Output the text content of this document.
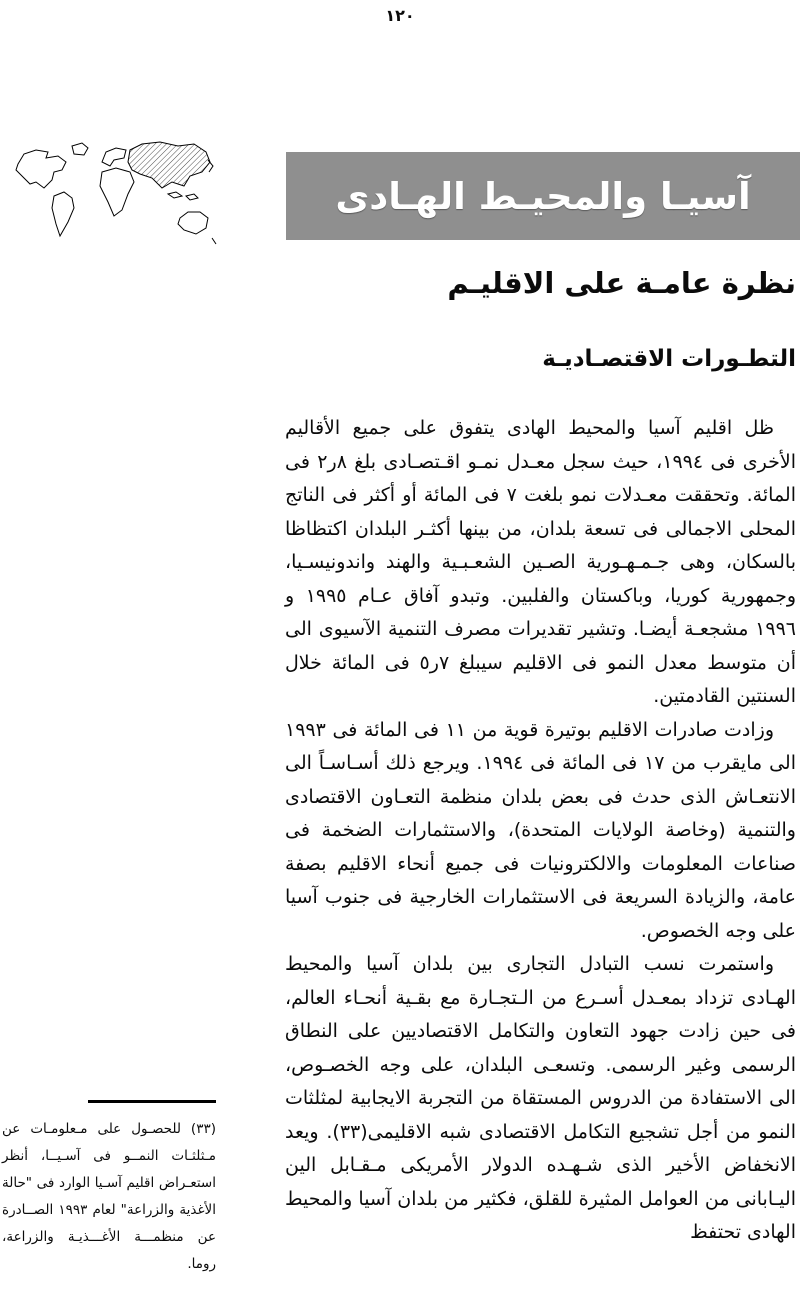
١٢٠
آسيـا والمحيـط الهـادى
نظرة عامـة على الاقليـم
التطـورات الاقتصـاديـة

ظل اقليم آسيا والمحيط الهادى يتفوق على جميع الأقاليم الأخرى فى ١٩٩٤، حيث سجل معـدل نمـو اقـتصـادى بلغ ٨ر٢ فى المائة. وتحققت معـدلات نمو بلغت ٧ فى المائة أو أكثر فى الناتج المحلى الاجمالى فى تسعة بلدان، من بينها أكثـر البلدان اكتظاظا بالسكان، وهى جـمـهـورية الصـين الشعـبـية والهند واندونيسـيا، وجمهورية كوريا، وباكستان والفلبين. وتبدو آفاق عـام ١٩٩٥ و ١٩٩٦ مشجعـة أيضـا. وتشير تقديرات مصرف التنمية الآسيوى الى أن متوسط معدل النمو فى الاقليم سيبلغ ٧ر٥ فى المائة خلال السنتين القادمتين.

وزادت صادرات الاقليم بوتيرة قوية من ١١ فى المائة فى ١٩٩٣ الى مايقرب من ١٧ فى المائة فى ١٩٩٤. ويرجع ذلك أسـاسـاً الى الانتعـاش الذى حدث فى بعض بلدان منظمة التعـاون الاقتصادى والتنمية (وخاصة الولايات المتحدة)، والاستثمارات الضخمة فى صناعات المعلومات والالكترونيات فى جميع أنحاء الاقليم بصفة عامة، والزيادة السريعة فى الاستثمارات الخارجية فى جنوب آسيا على وجه الخصوص.

واستمرت نسب التبادل التجارى بين بلدان آسيا والمحيط الهـادى تزداد بمعـدل أسـرع من الـتجـارة مع بقـية أنحـاء العالم، فى حين زادت جهود التعاون والتكامل الاقتصاديين على النطاق الرسمى وغير الرسمى. وتسعـى البلدان، على وجه الخصـوص، الى الاستفادة من الدروس المستقاة من التجربة الايجابية لمثلثات النمو من أجل تشجيع التكامل الاقتصادى شبه الاقليمى(٣٣). ويعد الانخفاض الأخير الذى شـهـده الدولار الأمريكى مـقـابل الين اليـابانى من العوامل المثيرة للقلق، فكثير من بلدان آسيا والمحيط الهادى تحتفظ

(٣٣) للحصـول على مـعلومـات عن مـثلثـات النمــو فى آسـيــا، أنظر استعـراض اقليم آسـيا الوارد فى "حالة الأغذية والزراعة" لعام ١٩٩٣ الصــادرة عن منظمـــة الأغـــذيـة والزراعة، روما.
